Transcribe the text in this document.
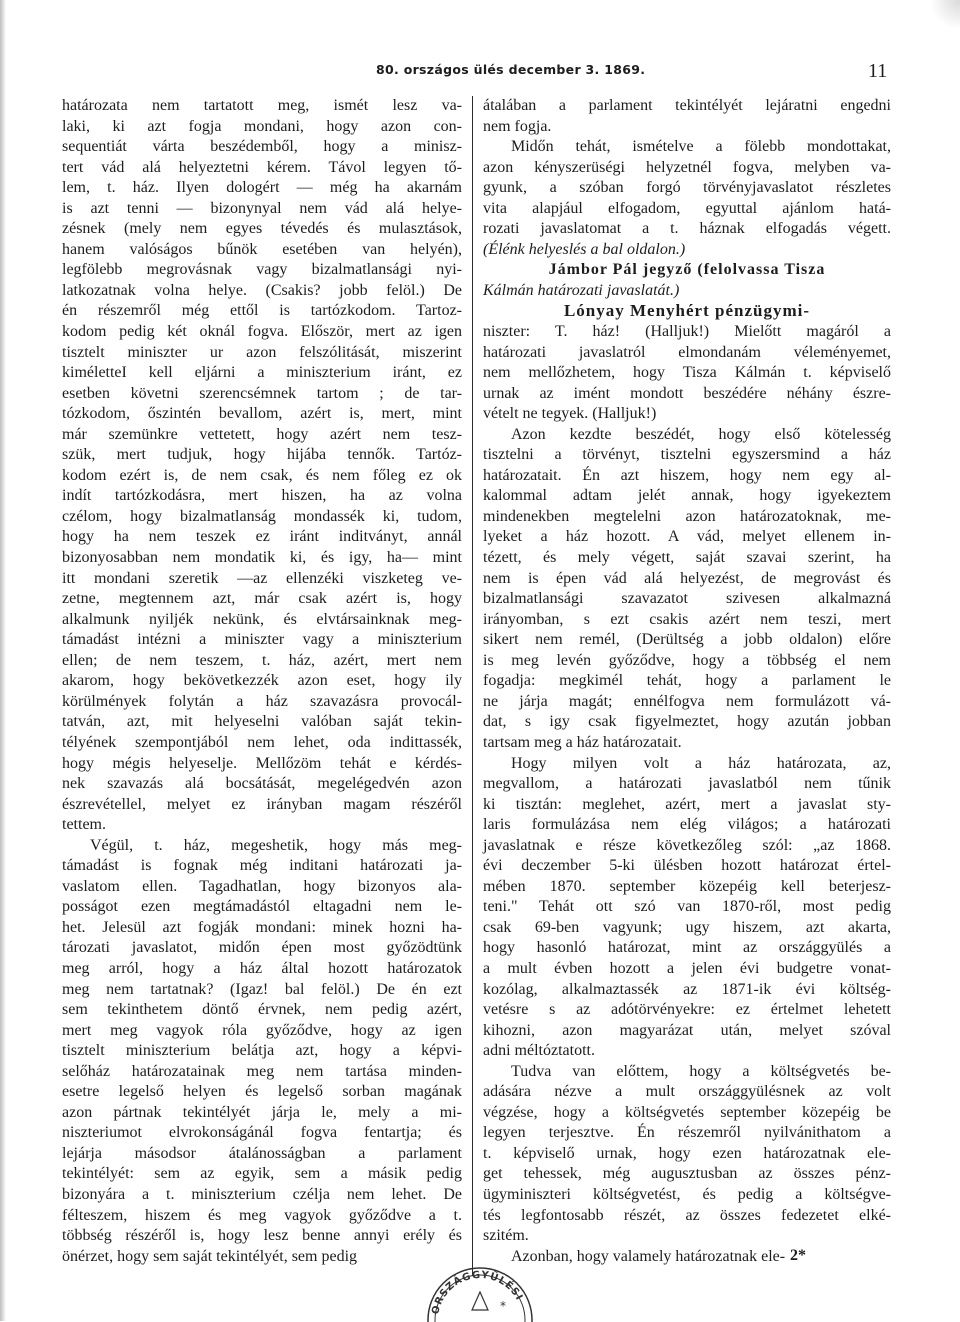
80. országos ülés december 3. 1869.	11
határozata nem tartatott meg, ismét lesz va-
laki, ki azt fogja mondani, hogy azon con-
sequentiát várta beszédemből, hogy a minisz-
tert vád alá helyeztetni kérem. Távol legyen tő-
lem, t. ház. Ilyen dologért — még ha akarnám
is azt tenni — bizonynyal nem vád alá helye-
zésnek (mely nem egyes tévedés és mulasztások,
hanem valóságos bűnök esetében van helyén),
legfölebb megrovásnak vagy bizalmatlansági nyi-
latkozatnak volna helye. (Csakis? jobb felöl.) De
én részemről még ettől is tartózkodom. Tartoz-
kodom pedig két oknál fogva. Először, mert az igen
tisztelt miniszter ur azon felszólitását, miszerint
kiméletteI kell eljárni a miniszterium iránt, ez
esetben követni szerencsémnek tartom ; de tar-
tózkodom, őszintén bevallom, azért is, mert, mint
már szemünkre vettetett, hogy azért nem tesz-
szük, mert tudjuk, hogy hijába tennők. Tartóz-
kodom ezért is, de nem csak, és nem főleg ez ok
indít tartózkodásra, mert hiszen, ha az volna
czélom, hogy bizalmatlanság mondassék ki, tudom,
hogy ha nem teszek ez iránt inditványt, annál
bizonyosabban nem mondatik ki, és igy, ha— mint
itt mondani szeretik —az ellenzéki viszketeg ve-
zetne, megtennem azt, már csak azért is, hogy
alkalmunk nyiljék nekünk, és elvtársainknak meg-
támadást intézni a miniszter vagy a miniszterium
ellen; de nem teszem, t. ház, azért, mert nem
akarom, hogy bekövetkezzék azon eset, hogy ily
körülmények folytán a ház szavazásra provocál-
tatván, azt, mit helyeselni valóban saját tekin-
télyének szempontjából nem lehet, oda indittassék,
hogy mégis helyeselje. Mellőzöm tehát e kérdés-
nek szavazás alá bocsátását, megelégedvén azon
észrevétellel, melyet ez irányban magam részéről
tettem.
Végül, t. ház, megeshetik, hogy más meg-
támadást is fognak még inditani határozati ja-
vaslatom ellen. Tagadhatlan, hogy bizonyos ala-
posságot ezen megtámadástól eltagadni nem le-
het. Jelesül azt fogják mondani: minek hozni ha-
tározati javaslatot, midőn épen most győzödtünk
meg arról, hogy a ház által hozott határozatok
meg nem tartatnak? (Igaz! bal felöl.) De én ezt
sem tekinthetem döntő érvnek, nem pedig azért,
mert meg vagyok róla győződve, hogy az igen
tisztelt miniszterium belátja azt, hogy a képvi-
selőház határozatainak meg nem tartása minden-
esetre legelső helyen és legelső sorban magának
azon pártnak tekintélyét járja le, mely a mi-
niszteriumot elvrokonságánál fogva fentartja; és
lejárja másodsor átalánosságban a parlament
tekintélyét: sem az egyik, sem a másik pedig
bizonyára a t. miniszterium czélja nem lehet. De
félteszem, hiszem és meg vagyok győződve a t.
többség részéről is, hogy lesz benne annyi erély és
önérzet, hogy sem saját tekintélyét, sem pedig
átalában a parlament tekintélyét lejáratni engedni
nem fogja.
Midőn tehát, ismételve a fölebb mondottakat,
azon kényszerüségi helyzetnél fogva, melyben va-
gyunk, a szóban forgó törvényjavaslatot részletes
vita alapjául elfogadom, egyuttal ajánlom hatá-
rozati javaslatomat a t. háznak elfogadás végett.
(Élénk helyeslés a bal oldalon.)
Jámbor Pál jegyző (felolvassa Tisza
Kálmán határozati javaslatát.)
Lónyay Menyhért pénzügymi-
niszter: T. ház! (Halljuk!) Mielőtt magáról a
határozati javaslatról elmondanám véleményemet,
nem mellőzhetem, hogy Tisza Kálmán t. képviselő
urnak az imént mondott beszédére néhány észre-
vételt ne tegyek. (Halljuk!)
Azon kezdte beszédét, hogy első kötelesség
tisztelni a törvényt, tisztelni egyszersmind a ház
határozatait. Én azt hiszem, hogy nem egy al-
kalommal adtam jelét annak, hogy igyekeztem
mindenekben megtelelni azon határozatoknak, me-
lyeket a ház hozott. A vád, melyet ellenem in-
tézett, és mely végett, saját szavai szerint, ha
nem is épen vád alá helyezést, de megrovást és
bizalmatlansági szavazatot szivesen alkalmazná
irányomban, s ezt csakis azért nem teszi, mert
sikert nem remél, (Derültség a jobb oldalon) előre
is meg levén győződve, hogy a többség el nem
fogadja: megkimél tehát, hogy a parlament le
ne járja magát; ennélfogva nem formulázott vá-
dat, s igy csak figyelmeztet, hogy azután jobban
tartsam meg a ház határozatait.
Hogy milyen volt a ház határozata, az,
megvallom, a határozati javaslatból nem tűnik
ki tisztán: meglehet, azért, mert a javaslat sty-
laris formulázása nem elég világos; a határozati
javaslatnak e része következőleg szól: „az 1868.
évi deczember 5-ki ülésben hozott határozat értel-
mében 1870. september közepéig kell beterjesz-
teni." Tehát ott szó van 1870-ről, most pedig
csak 69-ben vagyunk; ugy hiszem, azt akarta,
hogy hasonló határozat, mint az országgyülés a
a mult évben hozott a jelen évi budgetre vonat-
kozólag, alkalmaztassék az 1871-ik évi költség-
vetésre s az adótörvényekre: ez értelmet lehetett
kihozni, azon magyarázat után, melyet szóval
adni méltóztatott.
Tudva van előttem, hogy a költségvetés be-
adására nézve a mult országgyülésnek az volt
végzése, hogy a költségvetés september közepéig be
legyen terjesztve. Én részemről nyilvánithatom a
t. képviselő urnak, hogy ezen határozatnak ele-
get tehessek, még augusztusban az összes pénz-
ügyminiszteri költségvetést, és pedig a költségve-
tés legfontosabb részét, az összes fedezetet elké-
szitém.
Azonban, hogy valamely határozatnak ele- 2*
ORSZÁGGYŰLÉSI
*
